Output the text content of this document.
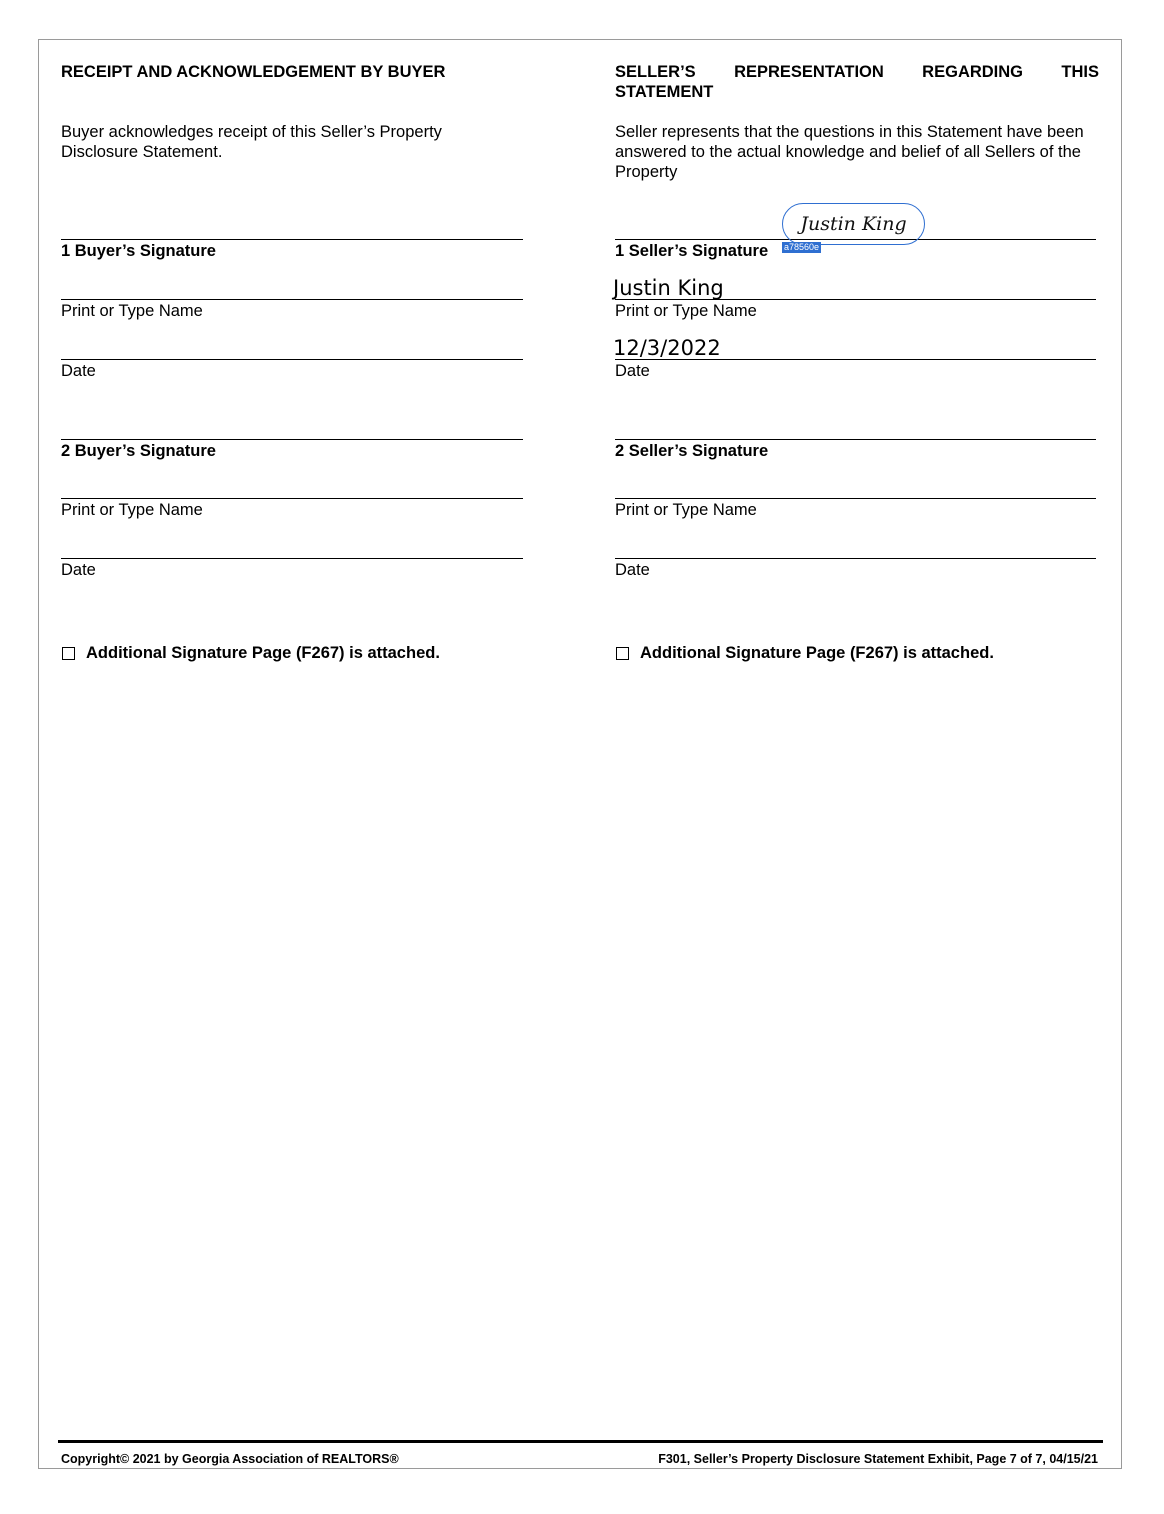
RECEIPT AND ACKNOWLEDGEMENT BY BUYER
Buyer acknowledges receipt of this Seller’s Property Disclosure Statement.
1 Buyer’s Signature
Print or Type Name
Date
2 Buyer’s Signature
Print or Type Name
Date
Additional Signature Page (F267) is attached.
SELLER’S REPRESENTATION REGARDING THIS
STATEMENT
Seller represents that the questions in this Statement have been answered to the actual knowledge and belief of all Sellers of the Property
1 Seller’s Signature
Justin King
a78560e
Justin King
Print or Type Name
12/3/2022
Date
2 Seller’s Signature
Print or Type Name
Date
Additional Signature Page (F267) is attached.
Copyright© 2021 by Georgia Association of REALTORS®	F301, Seller’s Property Disclosure Statement Exhibit, Page 7 of 7, 04/15/21
